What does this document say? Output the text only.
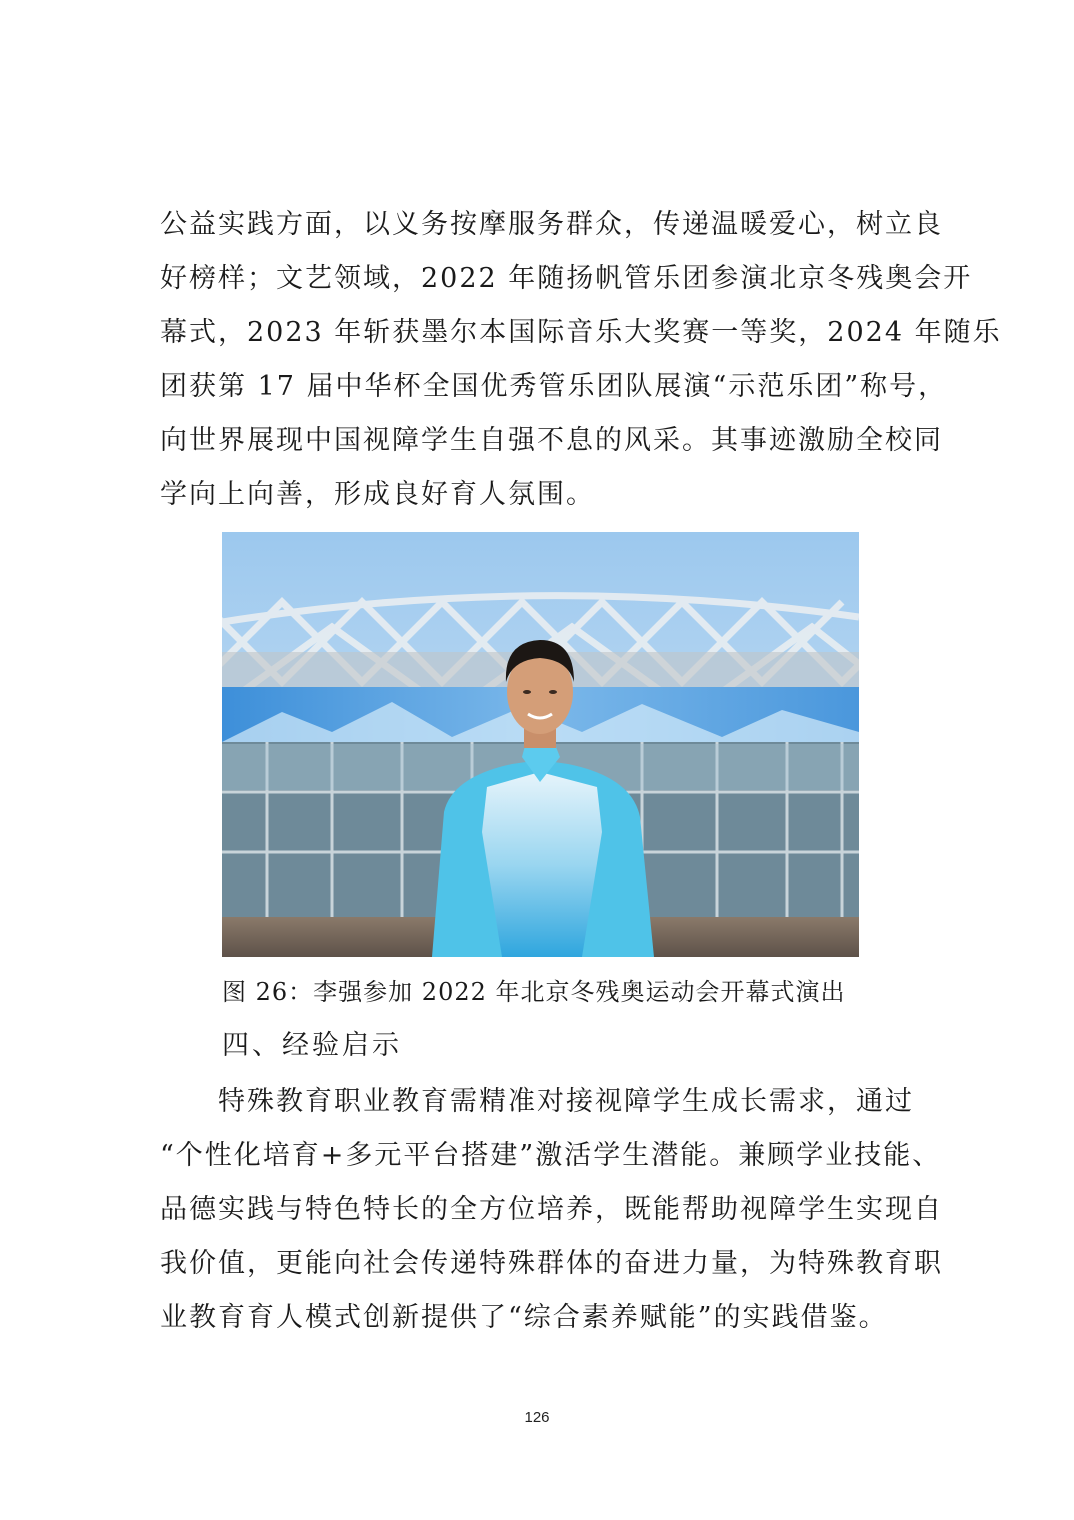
公益实践方面，以义务按摩服务群众，传递温暖爱心，树立良
好榜样；文艺领域，2022 年随扬帆管乐团参演北京冬残奥会开
幕式，2023 年斩获墨尔本国际音乐大奖赛一等奖，2024 年随乐
团获第 17 届中华杯全国优秀管乐团队展演“示范乐团”称号，
向世界展现中国视障学生自强不息的风采。其事迹激励全校同
学向上向善，形成良好育人氛围。
图 26：李强参加 2022 年北京冬残奥运动会开幕式演出
四、经验启示
特殊教育职业教育需精准对接视障学生成长需求，通过
“个性化培育+多元平台搭建”激活学生潜能。兼顾学业技能、
品德实践与特色特长的全方位培养，既能帮助视障学生实现自
我价值，更能向社会传递特殊群体的奋进力量，为特殊教育职
业教育育人模式创新提供了“综合素养赋能”的实践借鉴。
126
